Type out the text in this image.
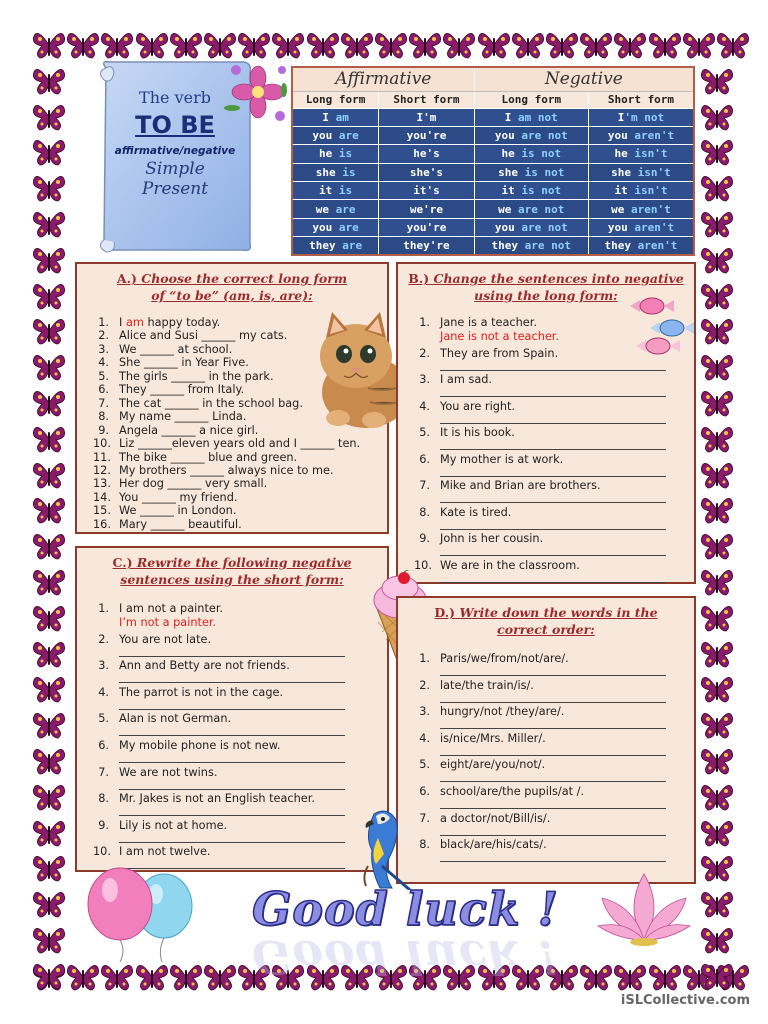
The verb
TO BE
affirmative/negative
Simple
Present
Affirmative		Negative	
Long form	Short form	Long form	Short form
I am	I'm	I am not	I'm not
you are	you're	you are not	you aren't
he is	he's	he is not	he isn't
she is	she's	she is not	she isn't
it is	it's	it is not	it isn't
we are	we're	we are not	we aren't
you are	you're	you are not	you aren't
they are	they're	they are not	they aren't
A.) Choose the correct long form
of “to be” (am, is, are):
1. I am happy today.
2. Alice and Susi ______ my cats.
3. We ______ at school.
4. She ______ in Year Five.
5. The girls ______ in the park.
6. They ______ from Italy.
7. The cat ______ in the school bag.
8. My name ______ Linda.
9. Angela ______ a nice girl.
10. Liz ______eleven years old and I ______ ten.
11. The bike ______ blue and green.
12. My brothers ______ always nice to me.
13. Her dog ______ very small.
14. You ______ my friend.
15. We ______ in London.
16. Mary ______ beautiful.
B.) Change the sentences into negative
using the long form:
1. Jane is a teacher.
Jane is not a teacher.
2. They are from Spain.
3. I am sad.
4. You are right.
5. It is his book.
6. My mother is at work.
7. Mike and Brian are brothers.
8. Kate is tired.
9. John is her cousin.
10. We are in the classroom.
C.) Rewrite the following negative
sentences using the short form:
1. I am not a painter.
I’m not a painter.
2. You are not late.
3. Ann and Betty are not friends.
4. The parrot is not in the cage.
5. Alan is not German.
6. My mobile phone is not new.
7. We are not twins.
8. Mr. Jakes is not an English teacher.
9. Lily is not at home.
10. I am not twelve.
D.) Write down the words in the
correct order:
1. Paris/we/from/not/are/.
2. late/the train/is/.
3. hungry/not /they/are/.
4. is/nice/Mrs. Miller/.
5. eight/are/you/not/.
6. school/are/the pupils/at /.
7. a doctor/not/Bill/is/.
8. black/are/his/cats/.
Good luck !
Good luck !
iSLCollective.com
